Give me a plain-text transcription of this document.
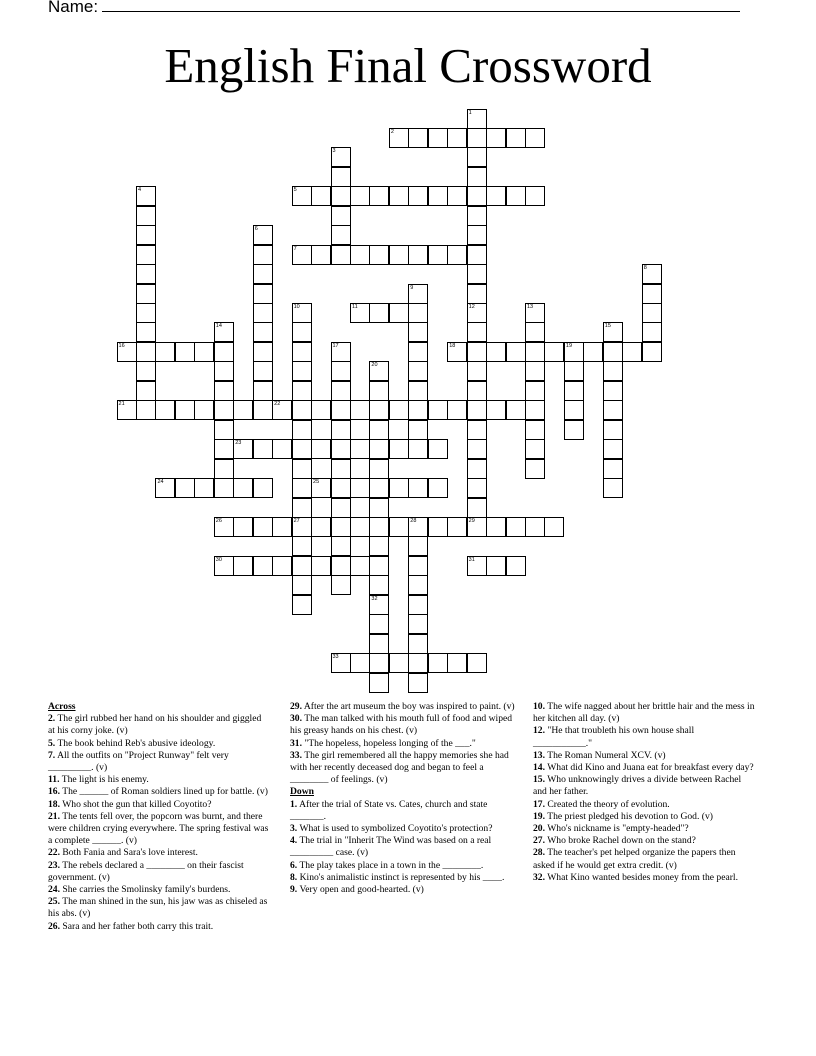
Name:
English Final Crossword
2
5
7
11
16	18	19
21	22
23
24	25
26	27	28	29
30	31
33
1
12
3
4
6
8
9
10	13
14	15
17
20
32
Across
2. The girl rubbed her hand on his shoulder and giggled at his corny joke. (v)
5. The book behind Reb's abusive ideology.
7. All the outfits on "Project Runway" felt very _________. (v)
11. The light is his enemy.
16. The ______ of Roman soldiers lined up for battle. (v)
18. Who shot the gun that killed Coyotito?
21. The tents fell over, the popcorn was burnt, and there were children crying everywhere. The spring festival was a complete ______. (v)
22. Both Fania and Sara's love interest.
23. The rebels declared a ________ on their fascist government. (v)
24. She carries the Smolinsky family's burdens.
25. The man shined in the sun, his jaw was as chiseled as his abs. (v)
26. Sara and her father both carry this trait.
29. After the art museum the boy was inspired to paint. (v)
30. The man talked with his mouth full of food and wiped his greasy hands on his chest. (v)
31. "The hopeless, hopeless longing of the ___."
33. The girl remembered all the happy memories she had with her recently deceased dog and began to feel a ________ of feelings. (v)
Down
1. After the trial of State vs. Cates, church and state _______.
3. What is used to symbolized Coyotito's protection?
4. The trial in "Inherit The Wind was based on a real _________ case. (v)
6. The play takes place in a town in the ________.
8. Kino's animalistic instinct is represented by his ____.
9. Very open and good-hearted. (v)
10. The wife nagged about her brittle hair and the mess in her kitchen all day. (v)
12. "He that troubleth his own house shall ___________."
13. The Roman Numeral XCV. (v)
14. What did Kino and Juana eat for breakfast every day?
15. Who unknowingly drives a divide between Rachel and her father.
17. Created the theory of evolution.
19. The priest pledged his devotion to God. (v)
20. Who's nickname is "empty-headed"?
27. Who broke Rachel down on the stand?
28. The teacher's pet helped organize the papers then asked if he would get extra credit. (v)
32. What Kino wanted besides money from the pearl.
